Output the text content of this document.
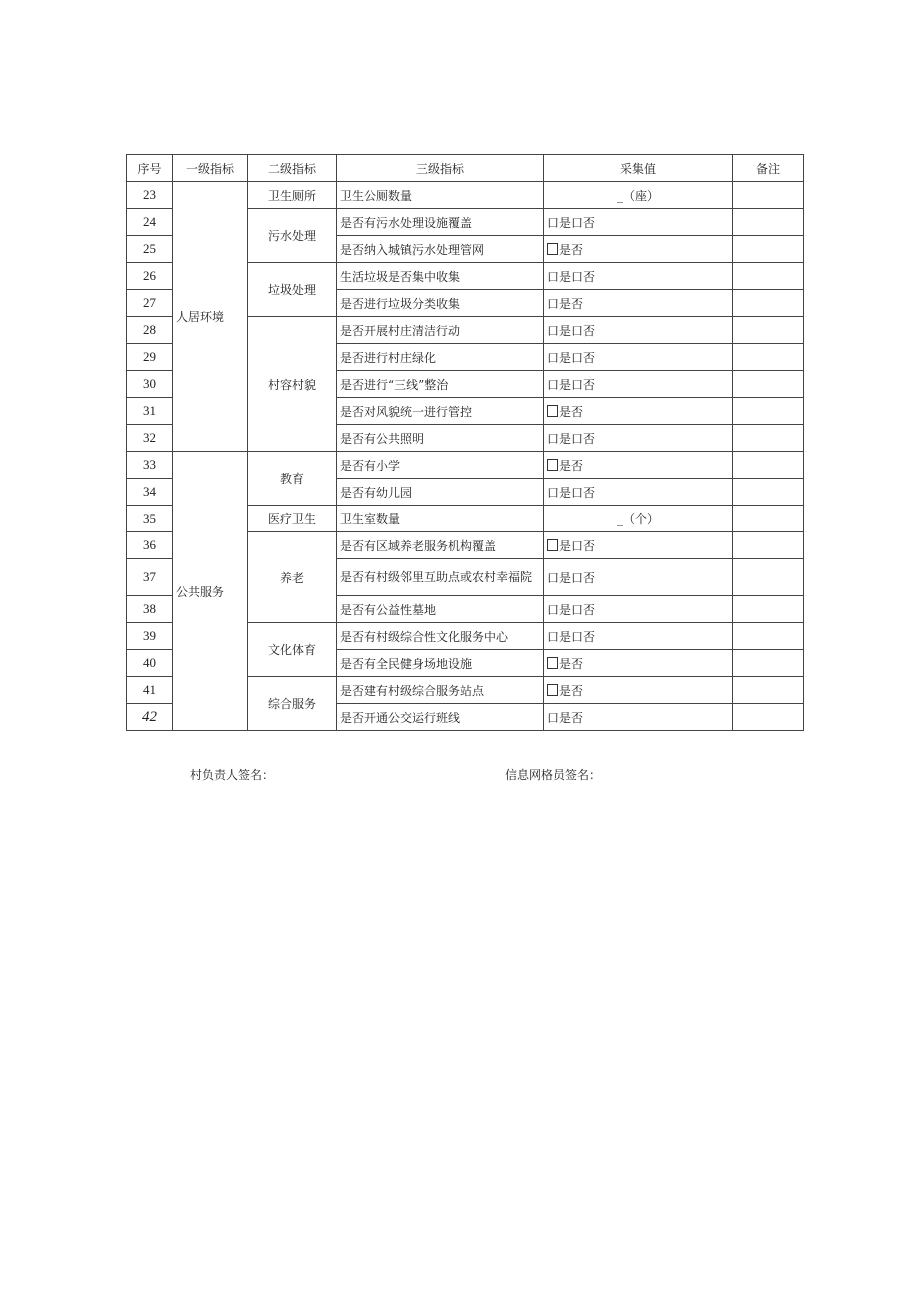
序号	一级指标	二级指标	三级指标	采集值	备注
23	人居环境	卫生厕所	卫生公厕数量	_（座）	
24		污水处理	是否有污水处理设施覆盖	口是口否	
25			是否纳入城镇污水处理管网	是否	
26		垃圾处理	生活垃圾是否集中收集	口是口否	
27			是否进行垃圾分类收集	口是否	
28		村容村貌	是否开展村庄清洁行动	口是口否	
29			是否进行村庄绿化	口是口否	
30			是否进行“三线”整治	口是口否	
31			是否对风貌统一进行管控	是否	
32			是否有公共照明	口是口否	
33	公共服务	教育	是否有小学	是否	
34			是否有幼儿园	口是口否	
35		医疗卫生	卫生室数量	_（个）	
36		养老	是否有区域养老服务机构覆盖	是口否	
37			是否有村级邻里互助点或农村幸福院	口是口否	
38			是否有公益性墓地	口是口否	
39		文化体育	是否有村级综合性文化服务中心	口是口否	
40			是否有全民健身场地设施	是否	
41		综合服务	是否建有村级综合服务站点	是否	
42			是否开通公交运行班线	口是否	
村负责人签名：	信息网格员签名：
